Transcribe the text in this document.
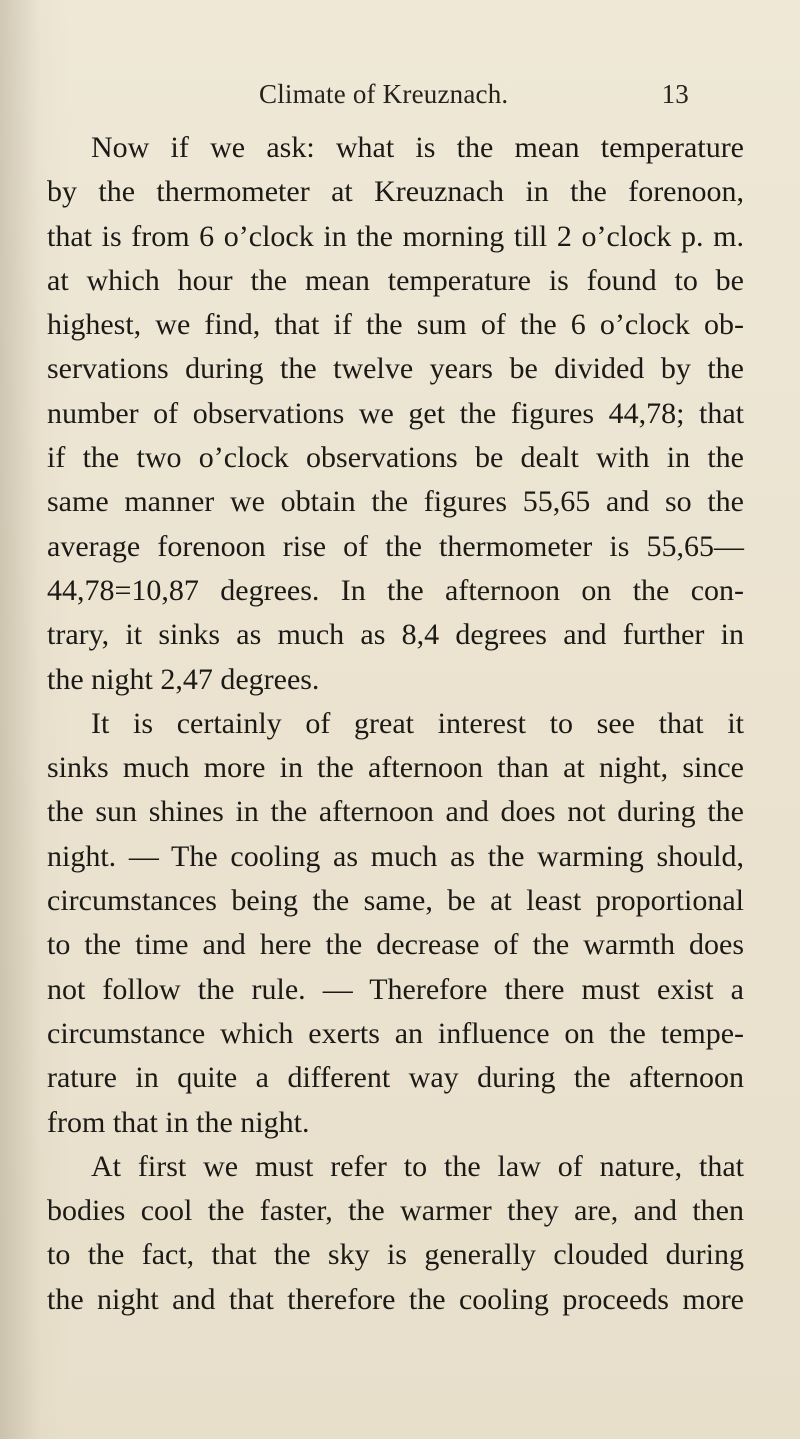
Climate of Kreuznach.	13
Now if we ask: what is the mean temperature
by the thermometer at Kreuznach in the forenoon,
that is from 6 o’clock in the morning till 2 o’clock p. m.
at which hour the mean temperature is found to be
highest, we find, that if the sum of the 6 o’clock ob-
servations during the twelve years be divided by the
number of observations we get the figures 44,78; that
if the two o’clock observations be dealt with in the
same manner we obtain the figures 55,65 and so the
average forenoon rise of the thermometer is 55,65—
44,78=10,87 degrees. In the afternoon on the con-
trary, it sinks as much as 8,4 degrees and further in
the night 2,47 degrees.
It is certainly of great interest to see that it
sinks much more in the afternoon than at night, since
the sun shines in the afternoon and does not during the
night. — The cooling as much as the warming should,
circumstances being the same, be at least proportional
to the time and here the decrease of the warmth does
not follow the rule. — Therefore there must exist a
circumstance which exerts an influence on the tempe-
rature in quite a different way during the afternoon
from that in the night.
At first we must refer to the law of nature, that
bodies cool the faster, the warmer they are, and then
to the fact, that the sky is generally clouded during
the night and that therefore the cooling proceeds more
